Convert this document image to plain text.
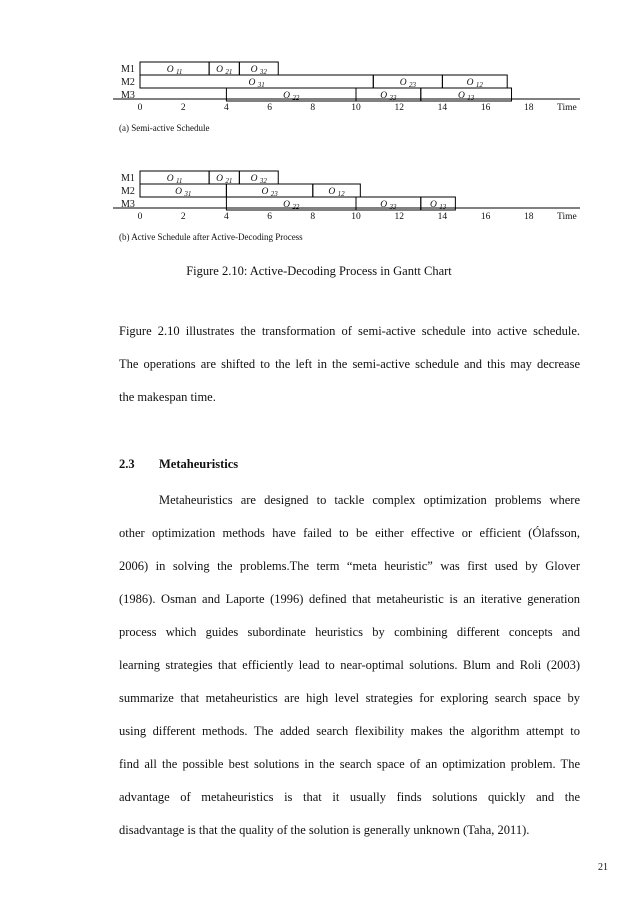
M1
M2
M3
O $_{11}$	O $_{21}$ O $_{32}$
O $_{31}$	O $_{23}$	O $_{12}$
O $_{22}$	O $_{33}$	O $_{13}$
0	2	4	6	8	10	12	14	16	18 Time
(a) Semi-active Schedule
M1
M2
M3
O $_{11}$	O $_{21}$ O $_{32}$
O $_{31}$	O $_{23}$	O $_{12}$
O $_{22}$	O $_{33}$	O $_{13}$
0	2	4	6	8	10	12	14	16	18 Time
(b) Active Schedule after Active-Decoding Process
Figure 2.10: Active-Decoding Process in Gantt Chart
Figure 2.10 illustrates the transformation of semi-active schedule into active schedule.
The operations are shifted to the left in the semi-active schedule and this may decrease
the makespan time.
2.3 Metaheuristics
Metaheuristics are designed to tackle complex optimization problems where
other optimization methods have failed to be either effective or efficient (Ólafsson,
2006) in solving the problems.The term “meta heuristic” was first used by Glover
(1986). Osman and Laporte (1996) defined that metaheuristic is an iterative generation
process which guides subordinate heuristics by combining different concepts and
learning strategies that efficiently lead to near-optimal solutions. Blum and Roli (2003)
summarize that metaheuristics are high level strategies for exploring search space by
using different methods. The added search flexibility makes the algorithm attempt to
find all the possible best solutions in the search space of an optimization problem. The
advantage of metaheuristics is that it usually finds solutions quickly and the
disadvantage is that the quality of the solution is generally unknown (Taha, 2011).
21
